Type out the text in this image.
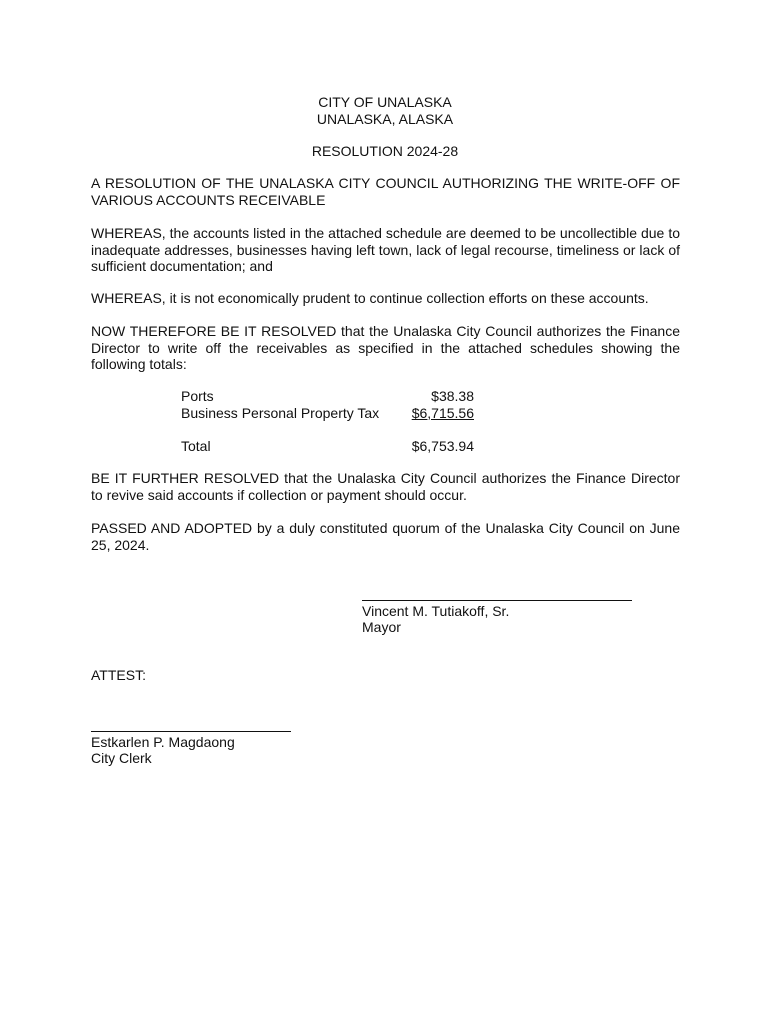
CITY OF UNALASKA
UNALASKA, ALASKA
RESOLUTION 2024-28
A RESOLUTION OF THE UNALASKA CITY COUNCIL AUTHORIZING THE WRITE-OFF OF VARIOUS ACCOUNTS RECEIVABLE
WHEREAS, the accounts listed in the attached schedule are deemed to be uncollectible due to inadequate addresses, businesses having left town, lack of legal recourse, timeliness or lack of sufficient documentation; and
WHEREAS, it is not economically prudent to continue collection efforts on these accounts.
NOW THEREFORE BE IT RESOLVED that the Unalaska City Council authorizes the Finance Director to write off the receivables as specified in the attached schedules showing the following totals:
Ports	$38.38
Business Personal Property Tax $6,715.56
Total	$6,753.94
BE IT FURTHER RESOLVED that the Unalaska City Council authorizes the Finance Director to revive said accounts if collection or payment should occur.
PASSED AND ADOPTED by a duly constituted quorum of the Unalaska City Council on June 25, 2024.
Vincent M. Tutiakoff, Sr.
Mayor
ATTEST:
Estkarlen P. Magdaong
City Clerk
